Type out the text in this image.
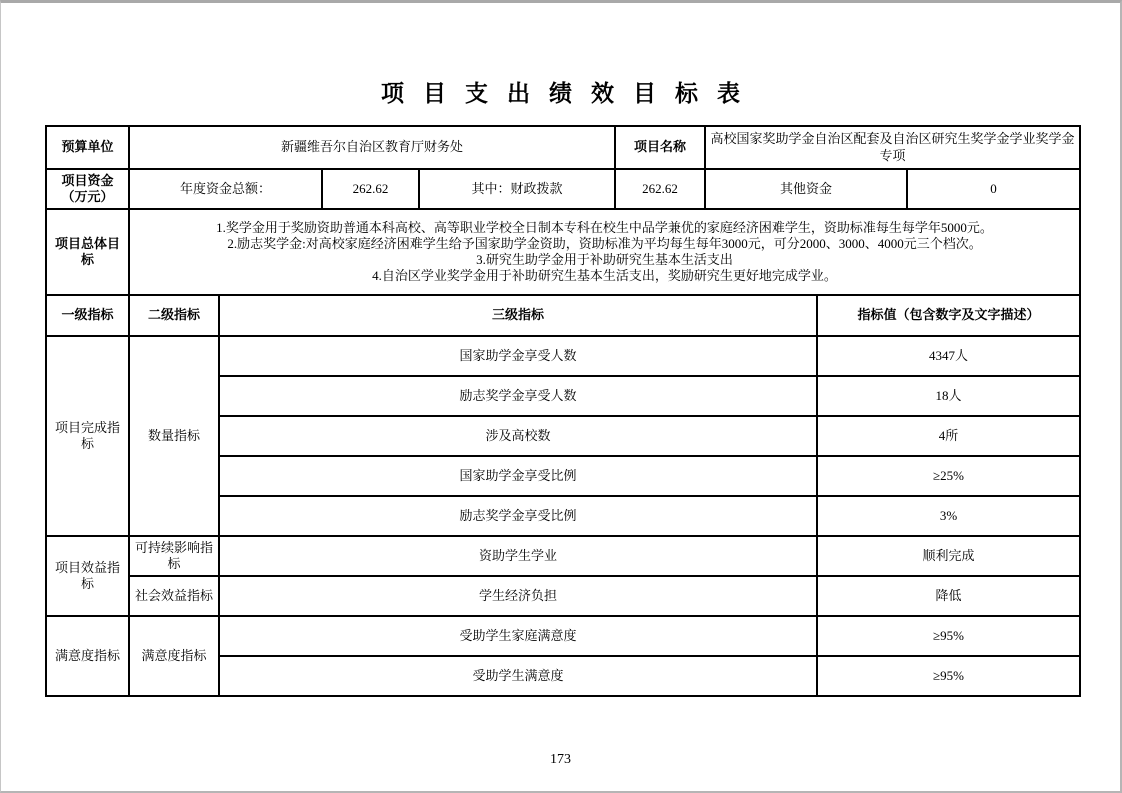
项目支出绩效目标表
预算单位	新疆维吾尔自治区教育厅财务处				项目名称	高校国家奖助学金自治区配套及自治区研究生奖学金学业奖学金专项		
项目资金（万元）	年度资金总额：		262.62	其中：财政拨款	262.62	其他资金		0
项目总体目标	1.奖学金用于奖励资助普通本科高校、高等职业学校全日制本专科在校生中品学兼优的家庭经济困难学生，资助标准每生每学年5000元。
2.励志奖学金:对高校家庭经济困难学生给予国家助学金资助，资助标准为平均每生每年3000元，可分2000、3000、4000元三个档次。
3.研究生助学金用于补助研究生基本生活支出
4.自治区学业奖学金用于补助研究生基本生活支出，奖励研究生更好地完成学业。							

一级指标	二级指标	三级指标					指标值（包含数字及文字描述）	
项目完成指标	数量指标	国家助学金享受人数					4347人	
		励志奖学金享受人数					18人	
		涉及高校数					4所	
		国家助学金享受比例					≥25%	
		励志奖学金享受比例					3%	
项目效益指标	可持续影响指标	资助学生学业					顺利完成	
	社会效益指标	学生经济负担					降低	
满意度指标	满意度指标	受助学生家庭满意度					≥95%	
		受助学生满意度					≥95%	
173
